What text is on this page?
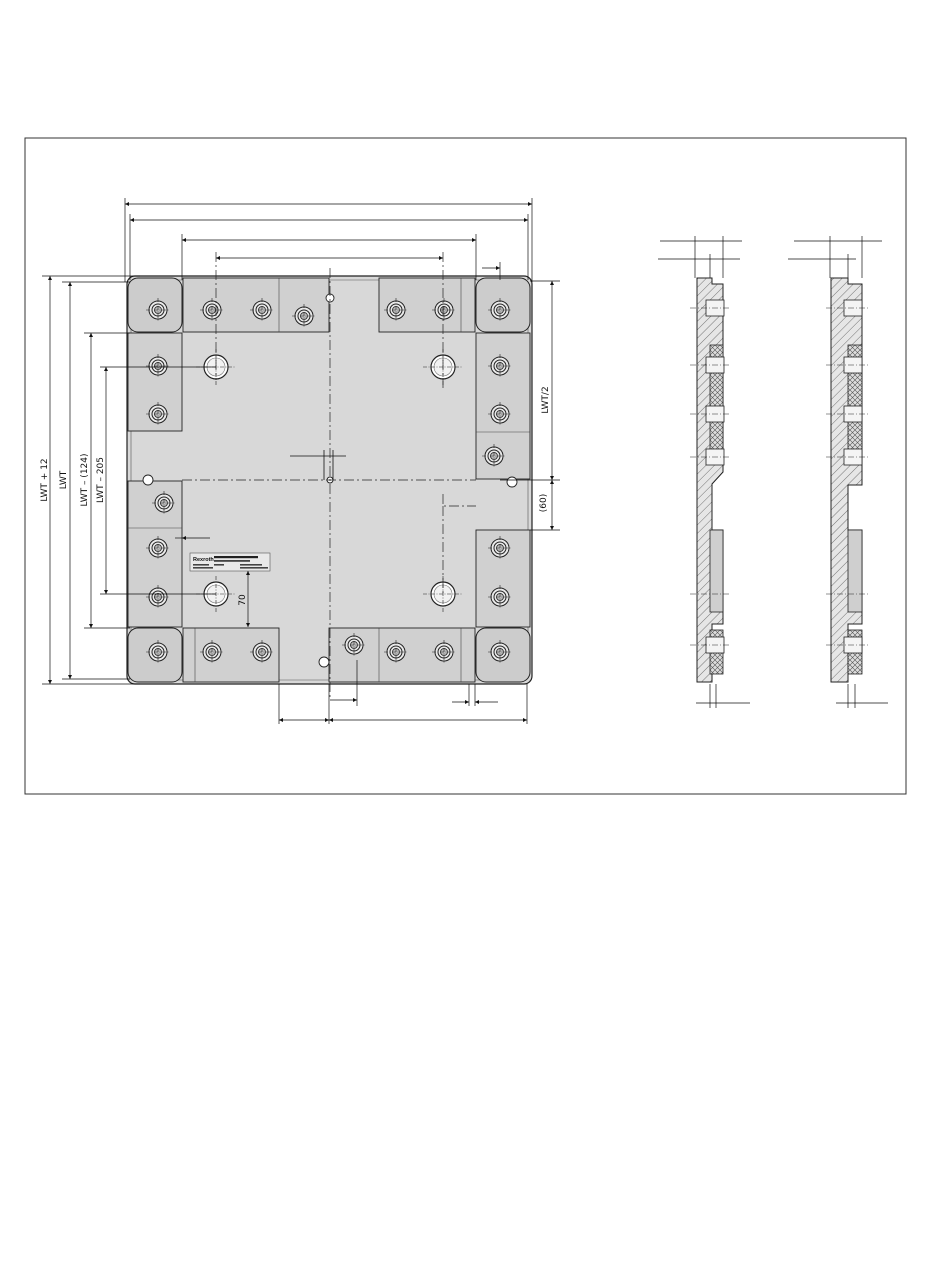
Rexroth
LWT + 12 LWT LWT – (124) LWT – 205
LWT/2
(60)
70
